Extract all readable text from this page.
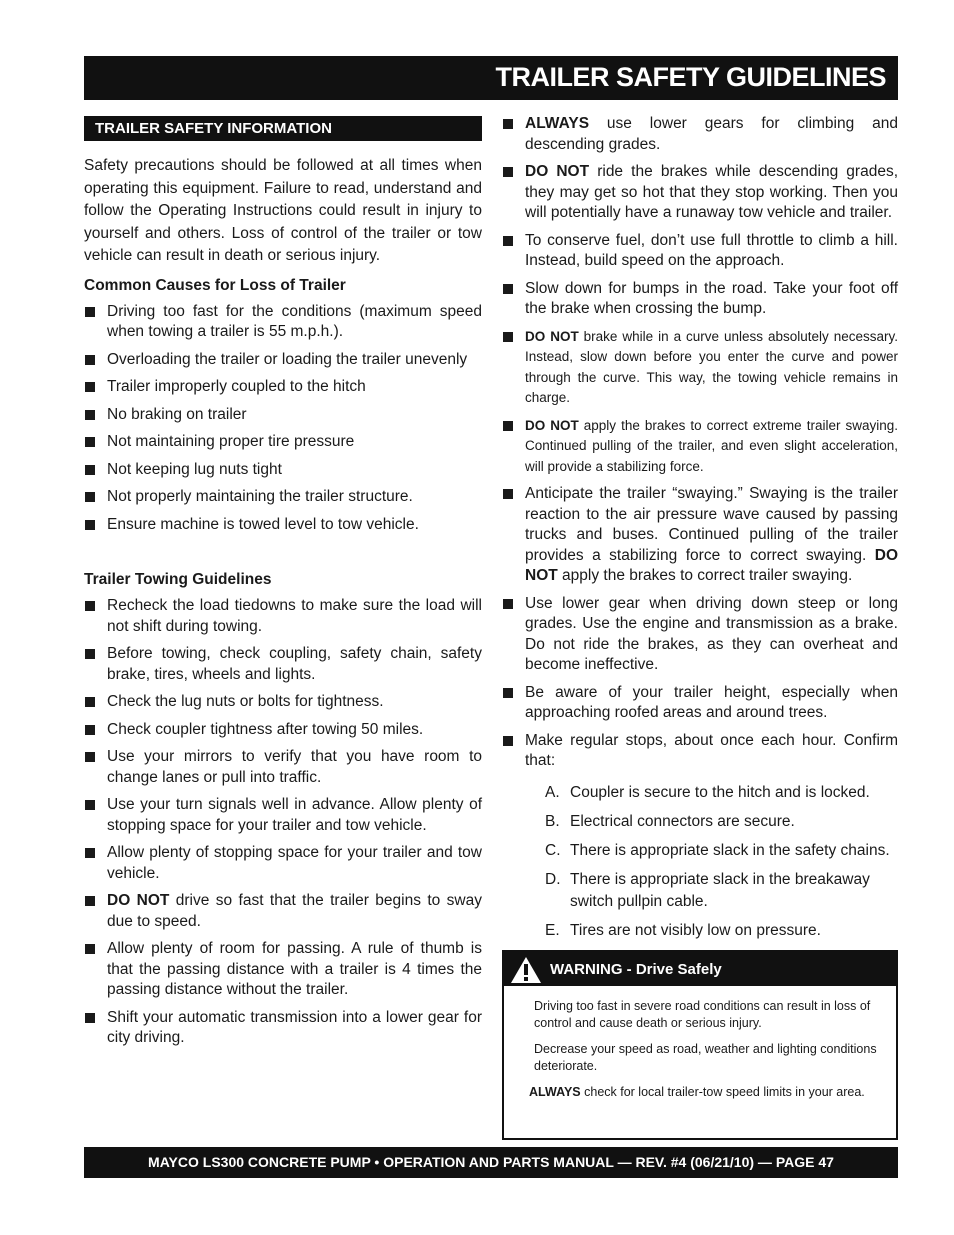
TRAILER SAFETY GUIDELINES
TRAILER SAFETY INFORMATION

Safety precautions should be followed at all times when operating this equipment. Failure to read, understand and follow the Operating Instructions could result in injury to yourself and others. Loss of control of the trailer or tow vehicle can result in death or serious injury.

Common Causes for Loss of Trailer
Driving too fast for the conditions (maximum speed when towing a trailer is 55 m.p.h.).
Overloading the trailer or loading the trailer unevenly
Trailer improperly coupled to the hitch
No braking on trailer
Not maintaining proper tire pressure
Not keeping lug nuts tight
Not properly maintaining the trailer structure.
Ensure machine is towed level to tow vehicle.
Trailer Towing Guidelines
Recheck the load tiedowns to make sure the load will not shift during towing.
Before towing, check coupling, safety chain, safety brake, tires, wheels and lights.
Check the lug nuts or bolts for tightness.
Check coupler tightness after towing 50 miles.
Use your mirrors to verify that you have room to change lanes or pull into traffic.
Use your turn signals well in advance. Allow plenty of stopping space for your trailer and tow vehicle.
Allow plenty of stopping space for your trailer and tow vehicle.
DO NOT drive so fast that the trailer begins to sway due to speed.
Allow plenty of room for passing. A rule of thumb is that the passing distance with a trailer is 4 times the passing distance without the trailer.
Shift your automatic transmission into a lower gear for city driving.
ALWAYS use lower gears for climbing and descending grades.
DO NOT ride the brakes while descending grades, they may get so hot that they stop working. Then you will potentially have a runaway tow vehicle and trailer.
To conserve fuel, don’t use full throttle to climb a hill. Instead, build speed on the approach.
Slow down for bumps in the road. Take your foot off the brake when crossing the bump.
DO NOT brake while in a curve unless absolutely necessary. Instead, slow down before you enter the curve and power through the curve. This way, the towing vehicle remains in charge.
DO NOT apply the brakes to correct extreme trailer swaying. Continued pulling of the trailer, and even slight acceleration, will provide a stabilizing force.
Anticipate the trailer “swaying.” Swaying is the trailer reaction to the air pressure wave caused by passing trucks and buses. Continued pulling of the trailer provides a stabilizing force to correct swaying. DO NOT apply the brakes to correct trailer swaying.
Use lower gear when driving down steep or long grades. Use the engine and transmission as a brake. Do not ride the brakes, as they can overheat and become ineffective.
Be aware of your trailer height, especially when approaching roofed areas and around trees.
Make regular stops, about once each hour. Confirm that:
A. Coupler is secure to the hitch and is locked.
B. Electrical connectors are secure.
C. There is appropriate slack in the safety chains.
D. There is appropriate slack in the breakaway switch pullpin cable.
E. Tires are not visibly low on pressure.
WARNING - Drive Safely

Driving too fast in severe road conditions can result in loss of control and cause death or serious injury.

Decrease your speed as road, weather and lighting conditions deteriorate.

ALWAYS check for local trailer-tow speed limits in your area.

MAYCO LS300 CONCRETE PUMP • OPERATION AND PARTS MANUAL — REV. #4 (06/21/10) — PAGE 47
